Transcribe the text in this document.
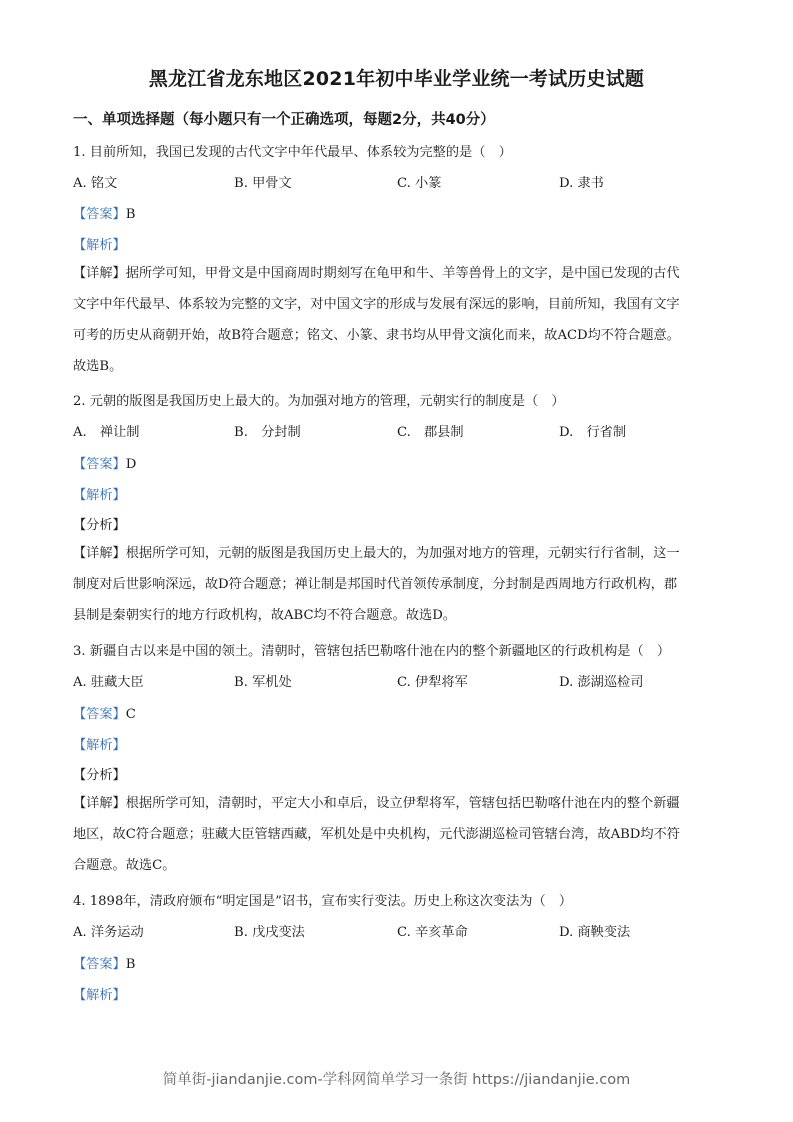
黑龙江省龙东地区2021年初中毕业学业统一考试历史试题
一、单项选择题（每小题只有一个正确选项，每题2分，共40分）
1. 目前所知，我国已发现的古代文字中年代最早、体系较为完整的是（　）
A. 铭文	B. 甲骨文	C. 小篆	D. 隶书
【答案】B
【解析】
【详解】据所学可知，甲骨文是中国商周时期刻写在龟甲和牛、羊等兽骨上的文字，是中国已发现的古代
文字中年代最早、体系较为完整的文字，对中国文字的形成与发展有深远的影响，目前所知，我国有文字
可考的历史从商朝开始，故B符合题意；铭文、小篆、隶书均从甲骨文演化而来，故ACD均不符合题意。
故选B。
2. 元朝的版图是我国历史上最大的。为加强对地方的管理，元朝实行的制度是（　）
A.　禅让制	B.　分封制	C.　郡县制	D.　行省制
【答案】D
【解析】
【分析】
【详解】根据所学可知，元朝的版图是我国历史上最大的，为加强对地方的管理，元朝实行行省制，这一
制度对后世影响深远，故D符合题意；禅让制是邦国时代首领传承制度，分封制是西周地方行政机构，郡
县制是秦朝实行的地方行政机构，故ABC均不符合题意。故选D。
3. 新疆自古以来是中国的领土。清朝时，管辖包括巴勒喀什池在内的整个新疆地区的行政机构是（　）
A. 驻藏大臣	B. 军机处	C. 伊犁将军	D. 澎湖巡检司
【答案】C
【解析】
【分析】
【详解】根据所学可知，清朝时，平定大小和卓后，设立伊犁将军，管辖包括巴勒喀什池在内的整个新疆
地区，故C符合题意；驻藏大臣管辖西藏，军机处是中央机构，元代澎湖巡检司管辖台湾，故ABD均不符
合题意。故选C。
4. 1898年，清政府颁布“明定国是”诏书，宣布实行变法。历史上称这次变法为（　）
A. 洋务运动	B. 戊戌变法	C. 辛亥革命	D. 商鞅变法
【答案】B
【解析】
简单街-jiandanjie.com-学科网简单学习一条街 https://jiandanjie.com
